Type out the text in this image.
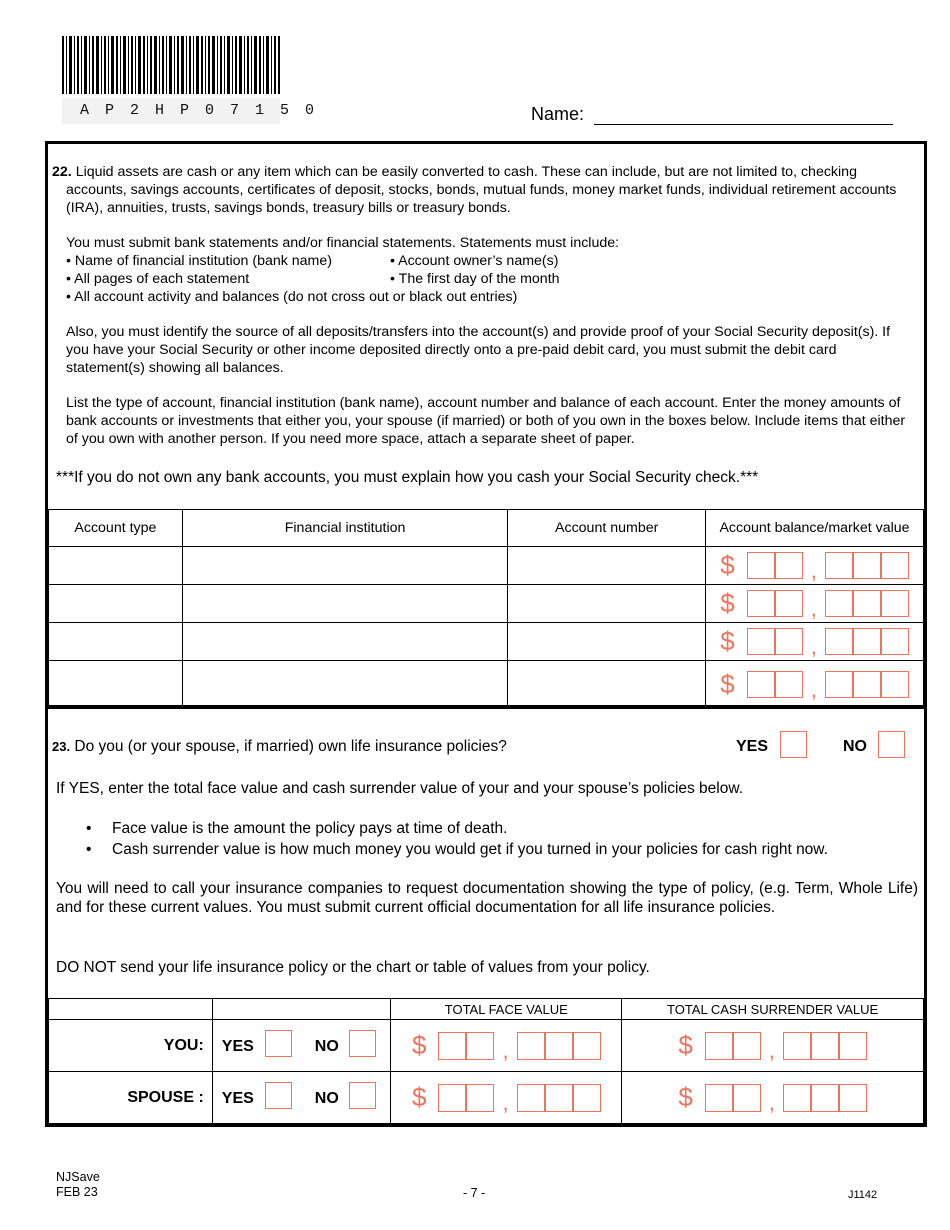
AP2HP07150	Name:
22. Liquid assets are cash or any item which can be easily converted to cash. These can include, but are not limited to, checking accounts, savings accounts, certificates of deposit, stocks, bonds, mutual funds, money market funds, individual retirement accounts (IRA), annuities, trusts, savings bonds, treasury bills or treasury bonds.
You must submit bank statements and/or financial statements. Statements must include:
• Name of financial institution (bank name)	• Account owner’s name(s)
• All pages of each statement	• The first day of the month
• All account activity and balances (do not cross out or black out entries)
Also, you must identify the source of all deposits/transfers into the account(s) and provide proof of your Social Security deposit(s). If you have your Social Security or other income deposited directly onto a pre-paid debit card, you must submit the debit card statement(s) showing all balances.
List the type of account, financial institution (bank name), account number and balance of each account. Enter the money amounts of bank accounts or investments that either you, your spouse (if married) or both of you own in the boxes below. Include items that either of you own with another person. If you need more space, attach a separate sheet of paper.
***If you do not own any bank accounts, you must explain how you cash your Social Security check.***
Account type	Financial institution	Account number	Account balance/market value

			$ ,

			$ ,

			$ ,

			$ ,
23. Do you (or your spouse, if married) own life insurance policies?	YES	NO
If YES, enter the total face value and cash surrender value of your and your spouse’s policies below.
• Face value is the amount the policy pays at time of death.
• Cash surrender value is how much money you would get if you turned in your policies for cash right now.
You will need to call your insurance companies to request documentation showing the type of policy, (e.g. Term, Whole Life) and for these current values. You must submit current official documentation for all life insurance policies.
DO NOT send your life insurance policy or the chart or table of values from your policy.
		TOTAL FACE VALUE	TOTAL CASH SURRENDER VALUE
YOU:	YES NO	$ ,	$ ,

SPOUSE :	YES NO	$ ,	$ ,
NJSave
FEB 23	- 7 -	J1142
